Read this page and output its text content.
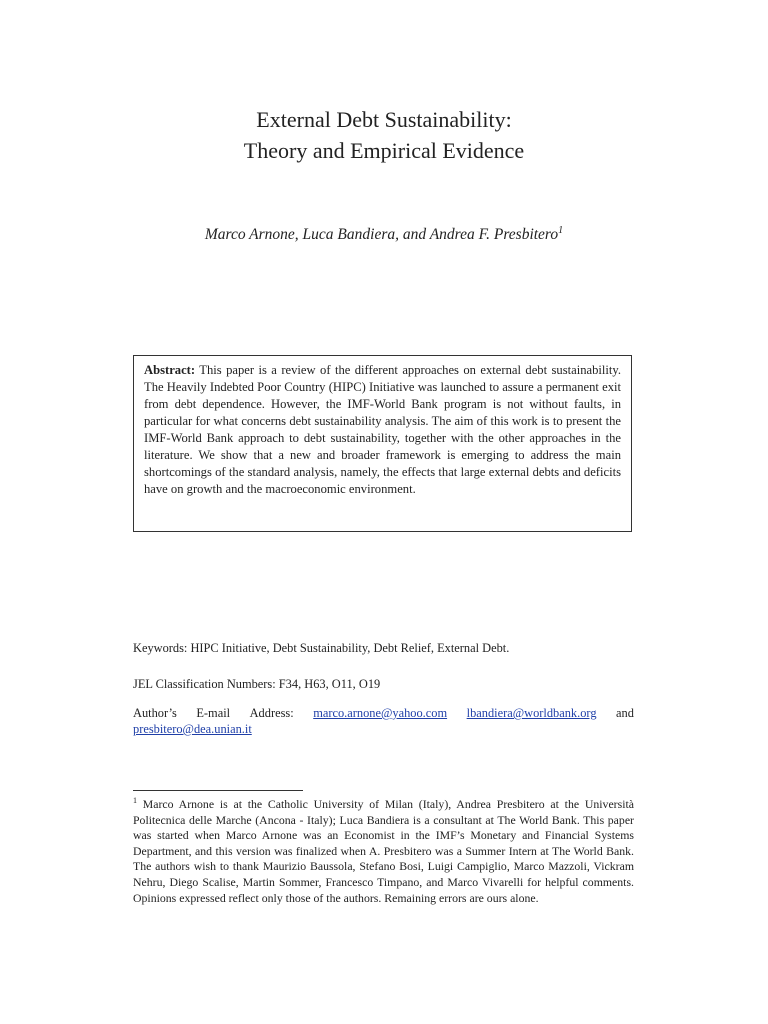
External Debt Sustainability:
Theory and Empirical Evidence
Marco Arnone, Luca Bandiera, and Andrea F. Presbitero$^1$
Abstract: This paper is a review of the different approaches on external debt sustainability. The Heavily Indebted Poor Country (HIPC) Initiative was launched to assure a permanent exit from debt dependence. However, the IMF-World Bank program is not without faults, in particular for what concerns debt sustainability analysis. The aim of this work is to present the IMF-World Bank approach to debt sustainability, together with the other approaches in the literature. We show that a new and broader framework is emerging to address the main shortcomings of the standard analysis, namely, the effects that large external debts and deficits have on growth and the macroeconomic environment.
Keywords: HIPC Initiative, Debt Sustainability, Debt Relief, External Debt.
JEL Classification Numbers: F34, H63, O11, O19
Author’s E-mail Address: marco.arnone@yahoo.com lbandiera@worldbank.org and
presbitero@dea.unian.it
$^1$ Marco Arnone is at the Catholic University of Milan (Italy), Andrea Presbitero at the Università Politecnica delle Marche (Ancona - Italy); Luca Bandiera is a consultant at The World Bank. This paper was started when Marco Arnone was an Economist in the IMF’s Monetary and Financial Systems Department, and this version was finalized when A. Presbitero was a Summer Intern at The World Bank. The authors wish to thank Maurizio Baussola, Stefano Bosi, Luigi Campiglio, Marco Mazzoli, Vickram Nehru, Diego Scalise, Martin Sommer, Francesco Timpano, and Marco Vivarelli for helpful comments. Opinions expressed reflect only those of the authors. Remaining errors are ours alone.
